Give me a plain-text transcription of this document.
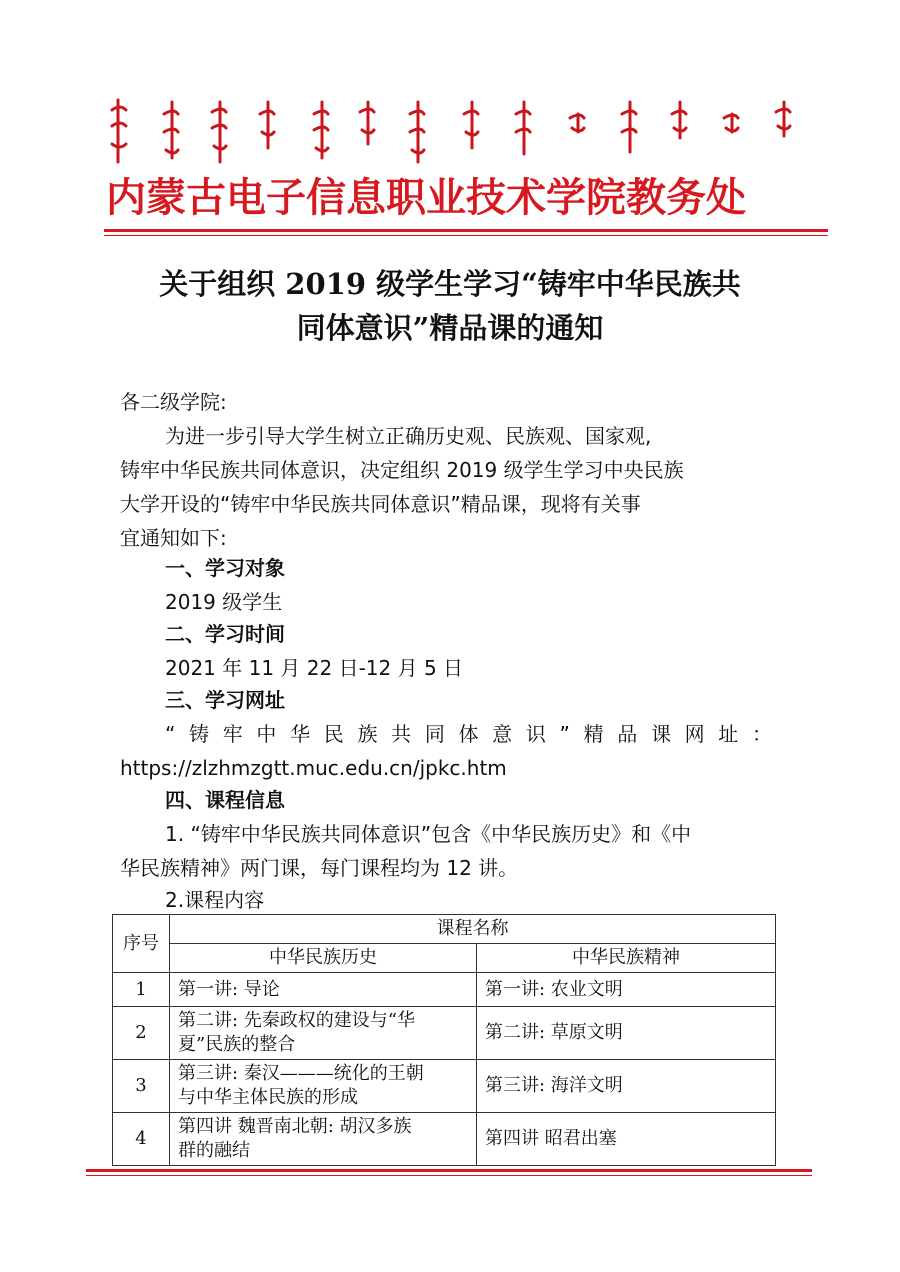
ᠥᠪᠦᠷ ᠮᠣᠩᠭᠣᠯ ᠤᠨ ᠴᠠᠬᠢᠯᠭᠠᠨ ᠮᠡᠳᠡᠭᠡᠯᠡᠯ ᠦᠨ ᠮᠡᠷᠭᠡᠵᠢᠯ ᠤᠨ ᠲᠧᠬᠨᠢᠻ ᠤᠨ ᠳᠡᠭᠡᠳᠦ ᠰᠤᠷᠭᠠᠭᠤᠯᠢ
内蒙古电子信息职业技术学院教务处
关于组织 2019 级学生学习“铸牢中华民族共
同体意识”精品课的通知
各二级学院:
为进一步引导大学生树立正确历史观、民族观、国家观,
铸牢中华民族共同体意识，决定组织 2019 级学生学习中央民族
大学开设的“铸牢中华民族共同体意识”精品课，现将有关事
宜通知如下:
一、学习对象
2019 级学生
二、学习时间
2021 年 11 月 22 日-12 月 5 日
三、学习网址
“铸牢中华民族共同体意识”精品课网址：
https://zlzhmzgtt.muc.edu.cn/jpkc.htm
四、课程信息
1. “铸牢中华民族共同体意识”包含《中华民族历史》和《中
华民族精神》两门课，每门课程均为 12 讲。
2.课程内容
序号	课程名称	
	中华民族历史	中华民族精神
1	第一讲: 导论	第一讲: 农业文明
2	第二讲: 先秦政权的建设与“华
夏”民族的整合	第二讲: 草原文明
3	第三讲: 秦汉———统化的王朝
与中华主体民族的形成	第三讲: 海洋文明
4	第四讲 魏晋南北朝: 胡汉多族
群的融结	第四讲 昭君出塞
